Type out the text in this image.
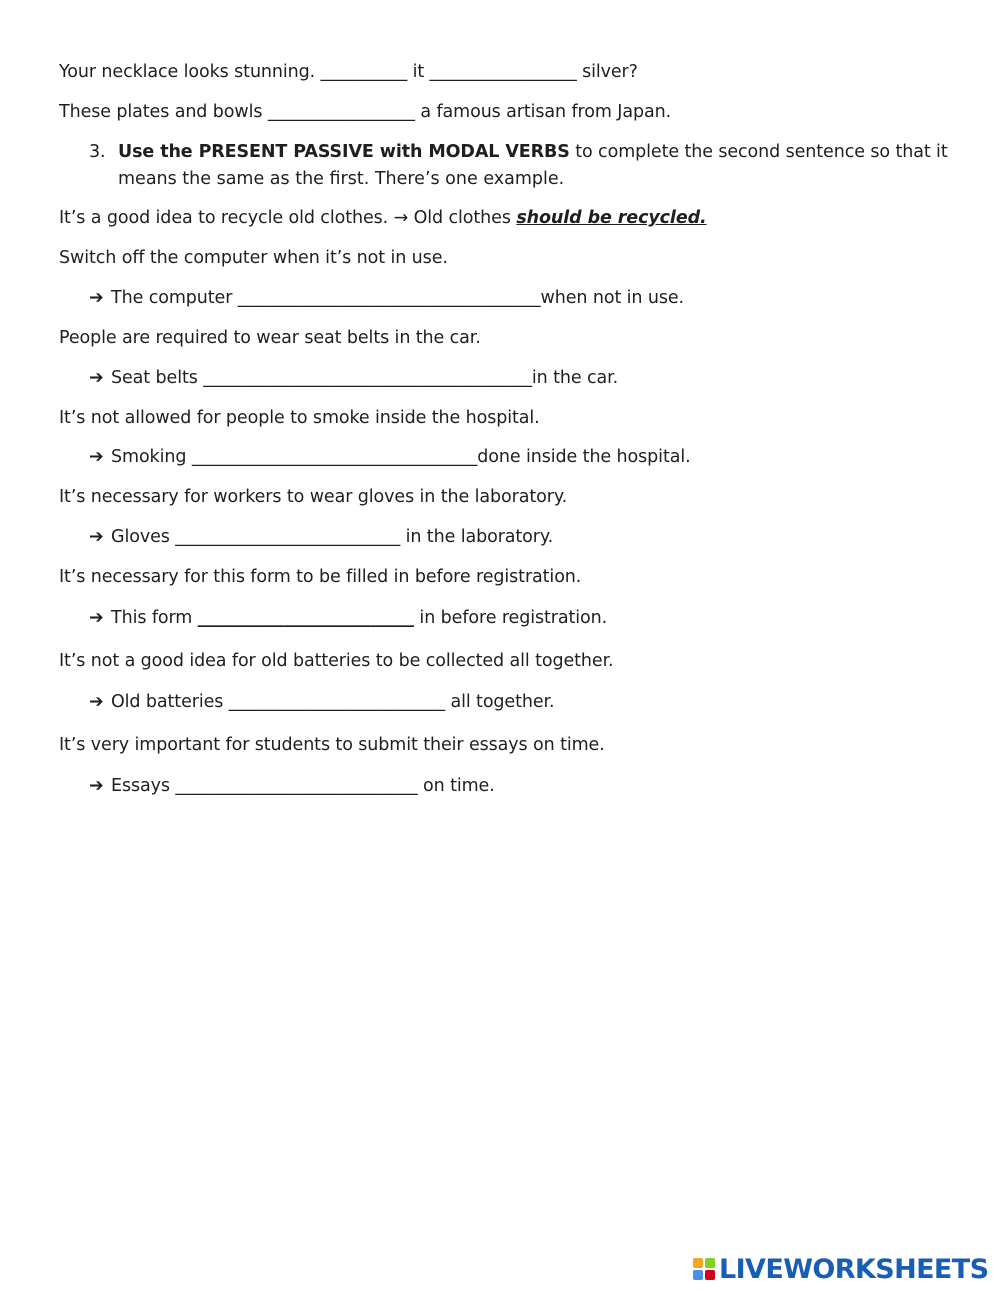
Your necklace looks stunning. __________ it _________________ silver?
These plates and bowls _________________ a famous artisan from Japan.
3. Use the PRESENT PASSIVE with MODAL VERBS to complete the second sentence so that it
means the same as the first. There’s one example.
It’s a good idea to recycle old clothes. → Old clothes should be recycled.
Switch off the computer when it’s not in use.
➔ The computer ___________________________________when not in use.
People are required to wear seat belts in the car.
➔ Seat belts ______________________________________in the car.
It’s not allowed for people to smoke inside the hospital.
➔ Smoking _________________________________done inside the hospital.
It’s necessary for workers to wear gloves in the laboratory.
➔ Gloves __________________________ in the laboratory.
It’s necessary for this form to be filled in before registration.
➔ This form _________________________ in before registration.
It’s not a good idea for old batteries to be collected all together.
➔ Old batteries _________________________ all together.
It’s very important for students to submit their essays on time.
➔ Essays ____________________________ on time.
LIVEWORKSHEETS
